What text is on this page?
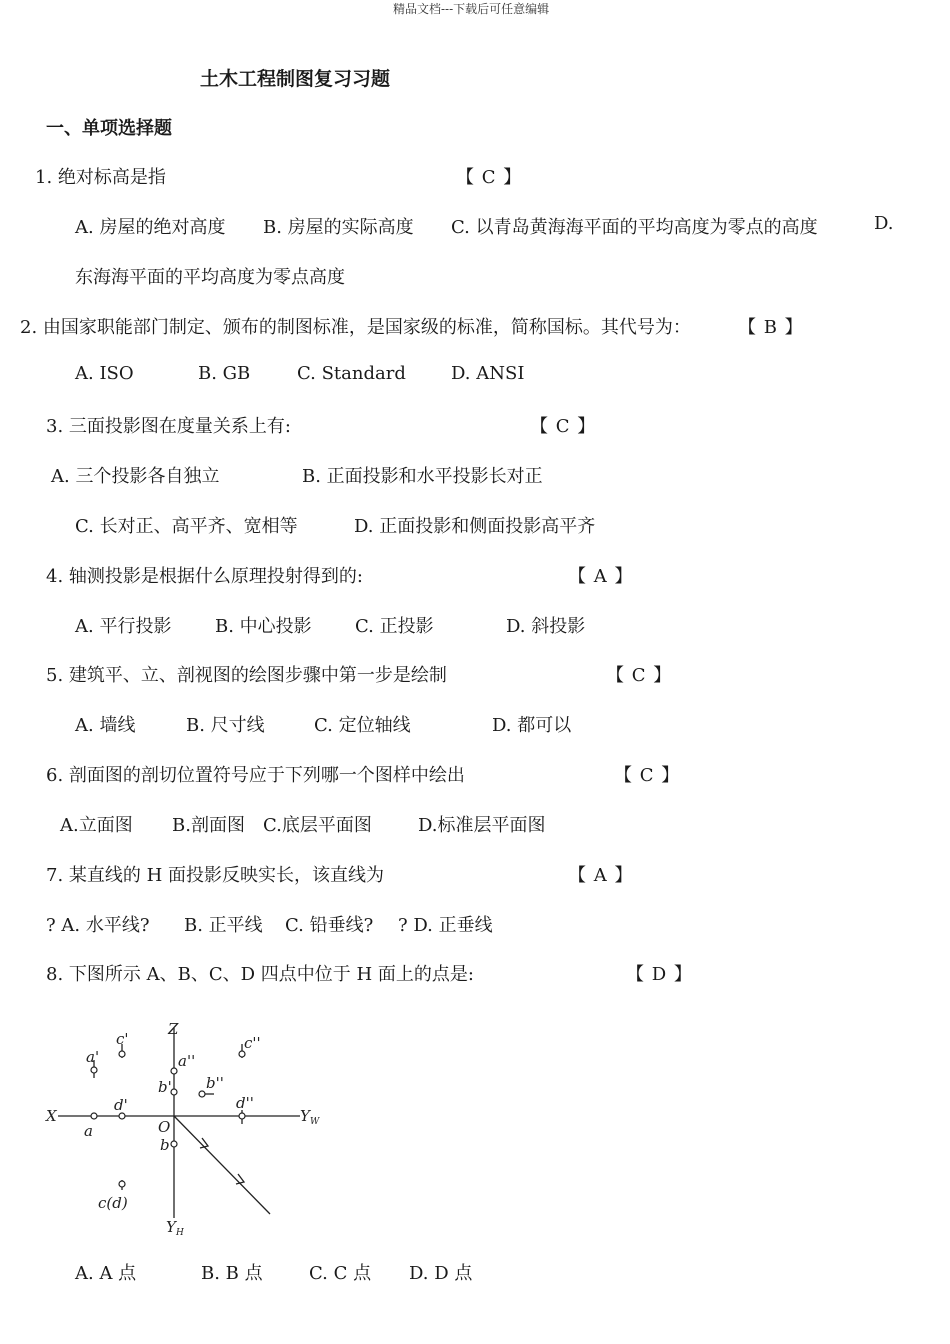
精品文档---下载后可任意编辑
土木工程制图复习习题
一、单项选择题
1. 绝对标高是指	【 C 】
A. 房屋的绝对高度 B. 房屋的实际高度 C. 以青岛黄海海平面的平均高度为零点的高度	D.
东海海平面的平均高度为零点高度
2. 由国家职能部门制定、颁布的制图标准，是国家级的标准，简称国标。其代号为：	【 B 】
A. ISO	B. GB	C. Standard	D. ANSI
3. 三面投影图在度量关系上有:	【 C 】
A. 三个投影各自独立	B. 正面投影和水平投影长对正
C. 长对正、高平齐、宽相等	D. 正面投影和侧面投影高平齐
4. 轴测投影是根据什么原理投射得到的:	【 A 】
A. 平行投影 B. 中心投影 C. 正投影	D. 斜投影
5. 建筑平、立、剖视图的绘图步骤中第一步是绘制	【 C 】
A. 墙线	B. 尺寸线	C. 定位轴线	D. 都可以
6. 剖面图的剖切位置符号应于下列哪一个图样中绘出	【 C 】
A.立面图 B.剖面图 C.底层平面图	D.标准层平面图
7. 某直线的 H 面投影反映实长，该直线为	【 A 】
? A. 水平线? B. 正平线 C. 铅垂线? ? D. 正垂线
8. 下图所示 A、B、C、D 四点中位于 H 面上的点是:	【 D 】
X
Z
Y W
Y H
O
a'
c'
a''
c''
b' b''
d'	d''
a
b
c(d)
A. A 点	B. B 点	C. C 点 D. D 点
